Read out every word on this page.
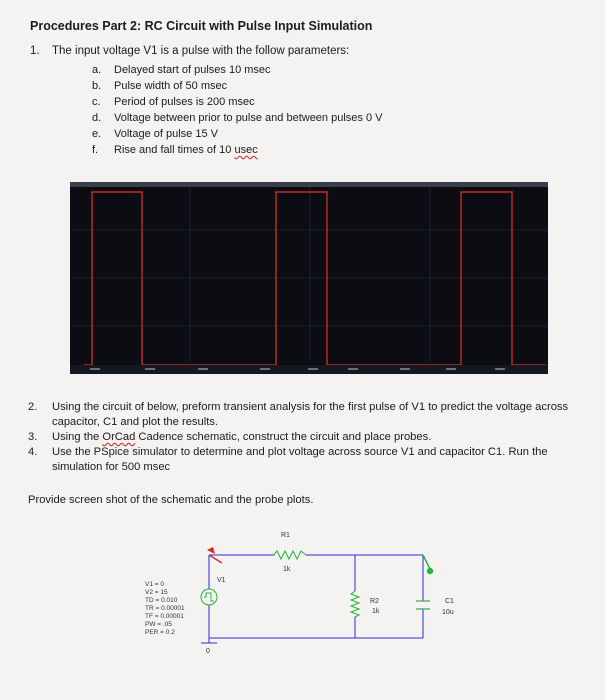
Procedures Part 2: RC Circuit with Pulse Input Simulation
1. The input voltage V1 is a pulse with the follow parameters:
a. Delayed start of pulses 10 msec
b. Pulse width of 50 msec
c. Period of pulses is 200 msec
d. Voltage between prior to pulse and between pulses 0 V
e. Voltage of pulse 15 V
f. Rise and fall times of 10 usec
2. Using the circuit of below, preform transient analysis for the first pulse of V1 to predict the voltage across capacitor, C1 and plot the results.
3. Using the OrCad Cadence schematic, construct the circuit and place probes.
4. Use the PSpice simulator to determine and plot voltage across source V1 and capacitor C1. Run the simulation for 500 msec
Provide screen shot of the schematic and the probe plots.
R1
1k
R2
1k
C1
10u
V1
V1 = 0
V2 = 15
TD = 0.010
TR = 0.00001
TF = 0.00001
PW = .05
PER = 0.2
0
